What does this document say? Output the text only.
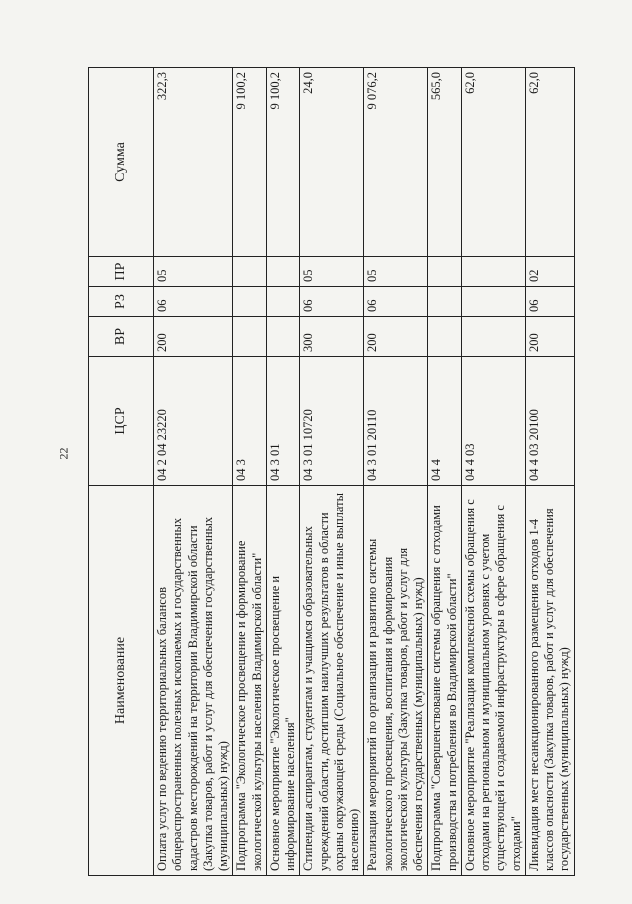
22
Наименование	ЦСР	ВР	РЗ	ПР	Сумма
Оплата услуг по ведению территориальных балансов общераспространенных полезных ископаемых и государственных кадастров месторождений на территории Владимирской области (Закупка товаров, работ и услуг для обеспечения государственных (муниципальных) нужд)	04 2 04 23220	200	06	05	322,3
Подпрограмма "Экологическое просвещение и формирование экологической культуры населения Владимирской области"	04 3				9 100,2
Основное мероприятие "Экологическое просвещение и информирование населения"	04 3 01				9 100,2
Стипендии аспирантам, студентам и учащимся образовательных учреждений области, достигшим наилучших результатов в области охраны окружающей среды (Социальное обеспечение и иные выплаты населению)	04 3 01 10720	300	06	05	24,0
Реализация мероприятий по организации и развитию системы экологического просвещения, воспитания и формирования экологической культуры (Закупка товаров, работ и услуг для обеспечения государственных (муниципальных) нужд)	04 3 01 20110	200	06	05	9 076,2
Подпрограмма "Совершенствование системы обращения с отходами производства и потребления во Владимирской области"	04 4				565,0
Основное мероприятие "Реализация комплексной схемы обращения с отходами на региональном и муниципальном уровнях с учетом существующей и создаваемой инфраструктуры в сфере обращения с отходами"	04 4 03				62,0
Ликвидация мест несанкционированного размещения отходов 1-4 классов опасности (Закупка товаров, работ и услуг для обеспечения государственных (муниципальных) нужд)	04 4 03 20100	200	06	02	62,0
